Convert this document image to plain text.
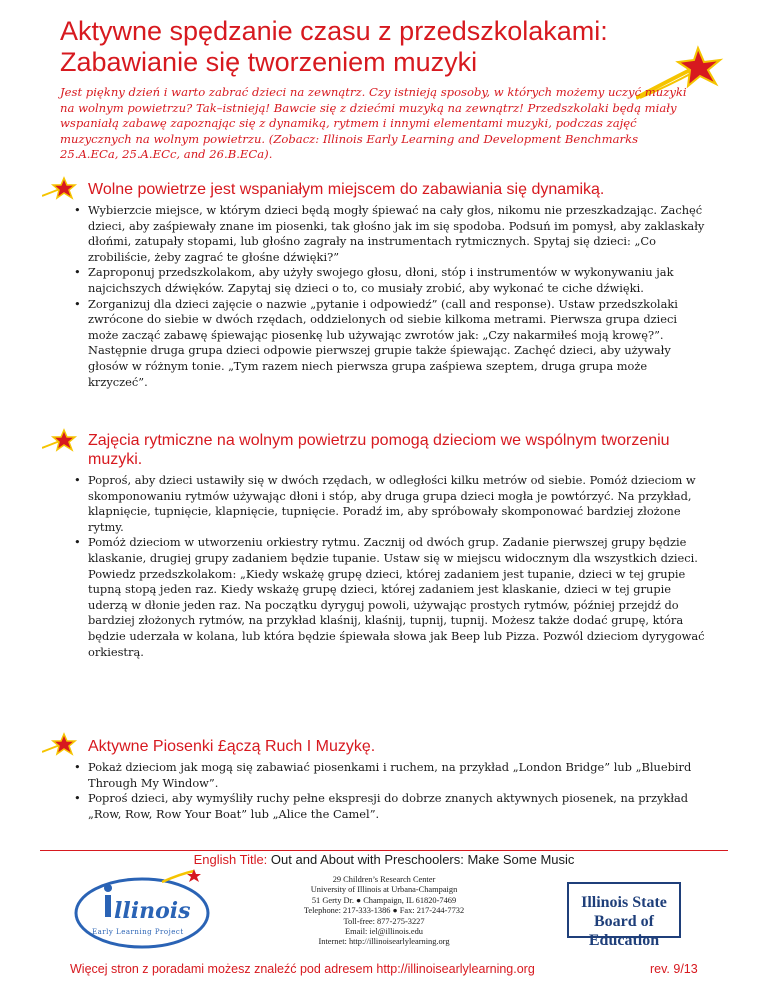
Aktywne spędzanie czasu z przedszkolakami:
Zabawianie się tworzeniem muzyki

Jest piękny dzień i warto zabrać dzieci na zewnątrz. Czy istnieją sposoby, w których możemy uczyć muzyki na wolnym powietrzu? Tak–istnieją! Bawcie się z dziećmi muzyką na zewnątrz! Przedszkolaki będą miały wspaniałą zabawę zapoznając się z dynamiką, rytmem i innymi elementami muzyki, podczas zajęć muzycznych na wolnym powietrzu. (Zobacz: Illinois Early Learning and Development Benchmarks 25.A.ECa, 25.A.ECc, and 26.B.ECa).

Wolne powietrze jest wspaniałym miejscem do zabawiania się dynamiką.
• Wybierzcie miejsce, w którym dzieci będą mogły śpiewać na cały głos, nikomu nie przeszkadzając. Zachęć dzieci, aby zaśpiewały znane im piosenki, tak głośno jak im się spodoba. Podsuń im pomysł, aby zaklaskały dłońmi, zatupały stopami, lub głośno zagrały na instrumentach rytmicznych. Spytaj się dzieci: „Co zrobiliście, żeby zagrać te głośne dźwięki?”
• Zaproponuj przedszkolakom, aby użyły swojego głosu, dłoni, stóp i instrumentów w wykonywaniu jak najcichszych dźwięków. Zapytaj się dzieci o to, co musiały zrobić, aby wykonać te ciche dźwięki.
• Zorganizuj dla dzieci zajęcie o nazwie „pytanie i odpowiedź” (call and response). Ustaw przedszkolaki zwrócone do siebie w dwóch rzędach, oddzielonych od siebie kilkoma metrami. Pierwsza grupa dzieci może zacząć zabawę śpiewając piosenkę lub używając zwrotów jak: „Czy nakarmiłeś moją krowę?”. Następnie druga grupa dzieci odpowie pierwszej grupie także śpiewając. Zachęć dzieci, aby używały głosów w różnym tonie. „Tym razem niech pierwsza grupa zaśpiewa szeptem, druga grupa może krzyczeć”.
Zajęcia rytmiczne na wolnym powietrzu pomogą dzieciom we wspólnym tworzeniu muzyki.
• Poproś, aby dzieci ustawiły się w dwóch rzędach, w odległości kilku metrów od siebie. Pomóż dzieciom w skomponowaniu rytmów używając dłoni i stóp, aby druga grupa dzieci mogła je powtórzyć. Na przykład, klapnięcie, tupnięcie, klapnięcie, tupnięcie. Poradź im, aby spróbowały skomponować bardziej złożone rytmy.
• Pomóż dzieciom w utworzeniu orkiestry rytmu. Zacznij od dwóch grup. Zadanie pierwszej grupy będzie klaskanie, drugiej grupy zadaniem będzie tupanie. Ustaw się w miejscu widocznym dla wszystkich dzieci. Powiedz przedszkolakom: „Kiedy wskażę grupę dzieci, której zadaniem jest tupanie, dzieci w tej grupie tupną stopą jeden raz. Kiedy wskażę grupę dzieci, której zadaniem jest klaskanie, dzieci w tej grupie uderzą w dłonie jeden raz. Na początku dyryguj powoli, używając prostych rytmów, później przejdź do bardziej złożonych rytmów, na przykład klaśnij, klaśnij, tupnij, tupnij. Możesz także dodać grupę, która będzie uderzała w kolana, lub która będzie śpiewała słowa jak Beep lub Pizza. Pozwól dzieciom dyrygować orkiestrą.
Aktywne Piosenki £ączą Ruch I Muzykę.
• Pokaż dzieciom jak mogą się zabawiać piosenkami i ruchem, na przykład „London Bridge” lub „Bluebird Through My Window”.
• Poproś dzieci, aby wymyśliły ruchy pełne ekspresji do dobrze znanych aktywnych piosenek, na przykład „Row, Row, Row Your Boat” lub „Alice the Camel”.
English Title: Out and About with Preschoolers: Make Some Music
llinois
Early Learning Project
29 Children’s Research Center
University of Illinois at Urbana-Champaign
51 Gerty Dr. ● Champaign, IL 61820-7469
Telephone: 217-333-1386 ● Fax: 217-244-7732
Toll-free: 877-275-3227
Email: iel@illinois.edu
Internet: http://illinoisearlylearning.org
Illinois State
Board of Education
Więcej stron z poradami możesz znaleźć pod adresem http://illinoisearlylearning.org	rev. 9/13
